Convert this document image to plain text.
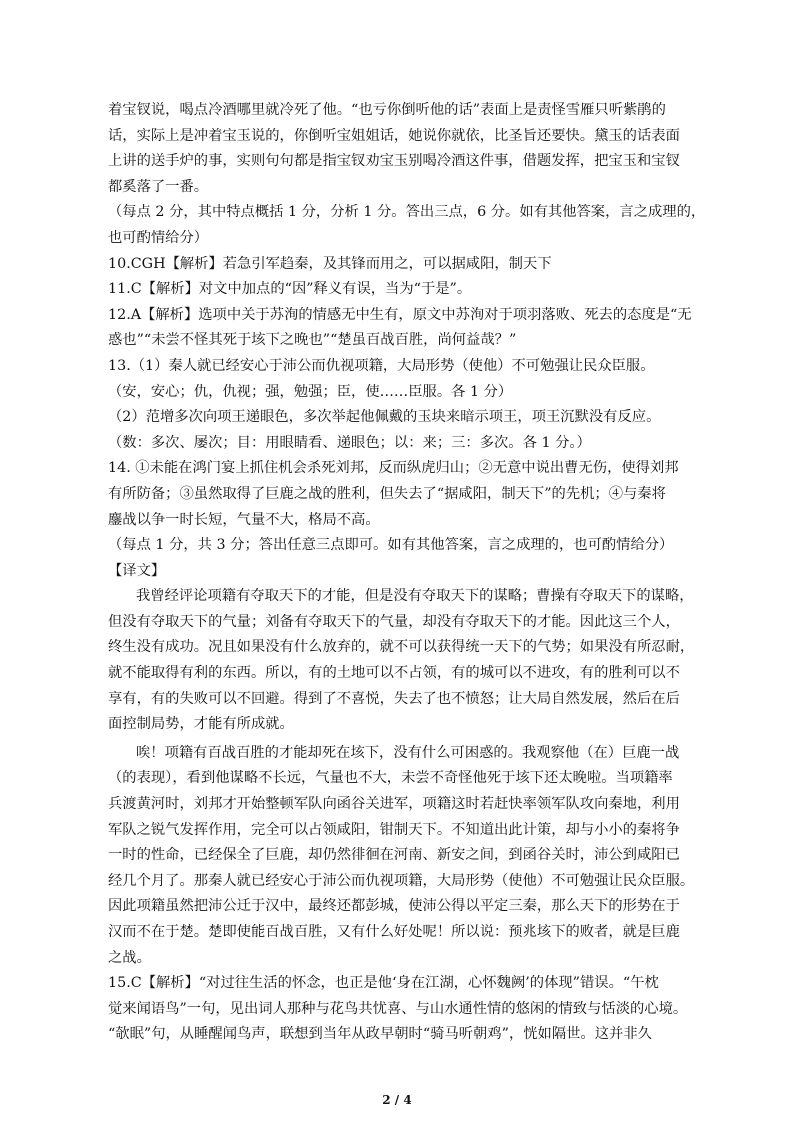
着宝钗说，喝点冷酒哪里就冷死了他。“也亏你倒听他的话”表面上是责怪雪雁只听紫鹃的

话，实际上是冲着宝玉说的，你倒听宝姐姐话，她说你就依，比圣旨还要快。黛玉的话表面

上讲的送手炉的事，实则句句都是指宝钗劝宝玉别喝冷酒这件事，借题发挥，把宝玉和宝钗

都奚落了一番。

（每点 2 分，其中特点概括 1 分，分析 1 分。答出三点，6 分。如有其他答案，言之成理的，

也可酌情给分）

10.CGH【解析】若急引军趋秦，及其锋而用之，可以据咸阳，制天下

11.C【解析】对文中加点的“因”释义有误，当为“于是”。

12.A【解析】选项中关于苏洵的情感无中生有，原文中苏洵对于项羽落败、死去的态度是“无

惑也”“未尝不怪其死于垓下之晚也”“楚虽百战百胜，尚何益哉？”

13.（1）秦人就已经安心于沛公而仇视项籍，大局形势（使他）不可勉强让民众臣服。

（安，安心；仇，仇视；强，勉强；臣，使……臣服。各 1 分）

（2）范增多次向项王递眼色，多次举起他佩戴的玉块来暗示项王，项王沉默没有反应。

（数：多次、屡次；目：用眼睛看、递眼色；以：来；三：多次。各 1 分。）

14. ①未能在鸿门宴上抓住机会杀死刘邦，反而纵虎归山；②无意中说出曹无伤，使得刘邦

有所防备；③虽然取得了巨鹿之战的胜利，但失去了“据咸阳，制天下”的先机；④与秦将

鏖战以争一时长短，气量不大，格局不高。

（每点 1 分，共 3 分；答出任意三点即可。如有其他答案，言之成理的，也可酌情给分）

【译文】

我曾经评论项籍有夺取天下的才能，但是没有夺取天下的谋略；曹操有夺取天下的谋略，

但没有夺取天下的气量；刘备有夺取天下的气量，却没有夺取天下的才能。因此这三个人，

终生没有成功。况且如果没有什么放弃的，就不可以获得统一天下的气势；如果没有所忍耐，

就不能取得有利的东西。所以，有的土地可以不占领，有的城可以不进攻，有的胜利可以不

享有，有的失败可以不回避。得到了不喜悦，失去了也不愤怒；让大局自然发展，然后在后

面控制局势，才能有所成就。

唉！项籍有百战百胜的才能却死在垓下，没有什么可困惑的。我观察他（在）巨鹿一战

（的表现），看到他谋略不长远，气量也不大，未尝不奇怪他死于垓下还太晚啦。当项籍率

兵渡黄河时，刘邦才开始整顿军队向函谷关进军，项籍这时若赶快率领军队攻向秦地，利用

军队之锐气发挥作用，完全可以占领咸阳，钳制天下。不知道出此计策，却与小小的秦将争

一时的性命，已经保全了巨鹿，却仍然徘徊在河南、新安之间，到函谷关时，沛公到咸阳已

经几个月了。那秦人就已经安心于沛公而仇视项籍，大局形势（使他）不可勉强让民众臣服。

因此项籍虽然把沛公迁于汉中，最终还都彭城，使沛公得以平定三秦，那么天下的形势在于

汉而不在于楚。楚即使能百战百胜，又有什么好处呢！所以说：预兆垓下的败者，就是巨鹿

之战。

15.C【解析】“对过往生活的怀念，也正是他‘身在江湖，心怀魏阙’的体现”错误。“午枕

觉来闻语鸟”一句，见出词人那种与花鸟共忧喜、与山水通性情的悠闲的情致与恬淡的心境。

“欹眠”句，从睡醒闻鸟声，联想到当年从政早朝时“骑马听朝鸡”，恍如隔世。这并非久

2 / 4
